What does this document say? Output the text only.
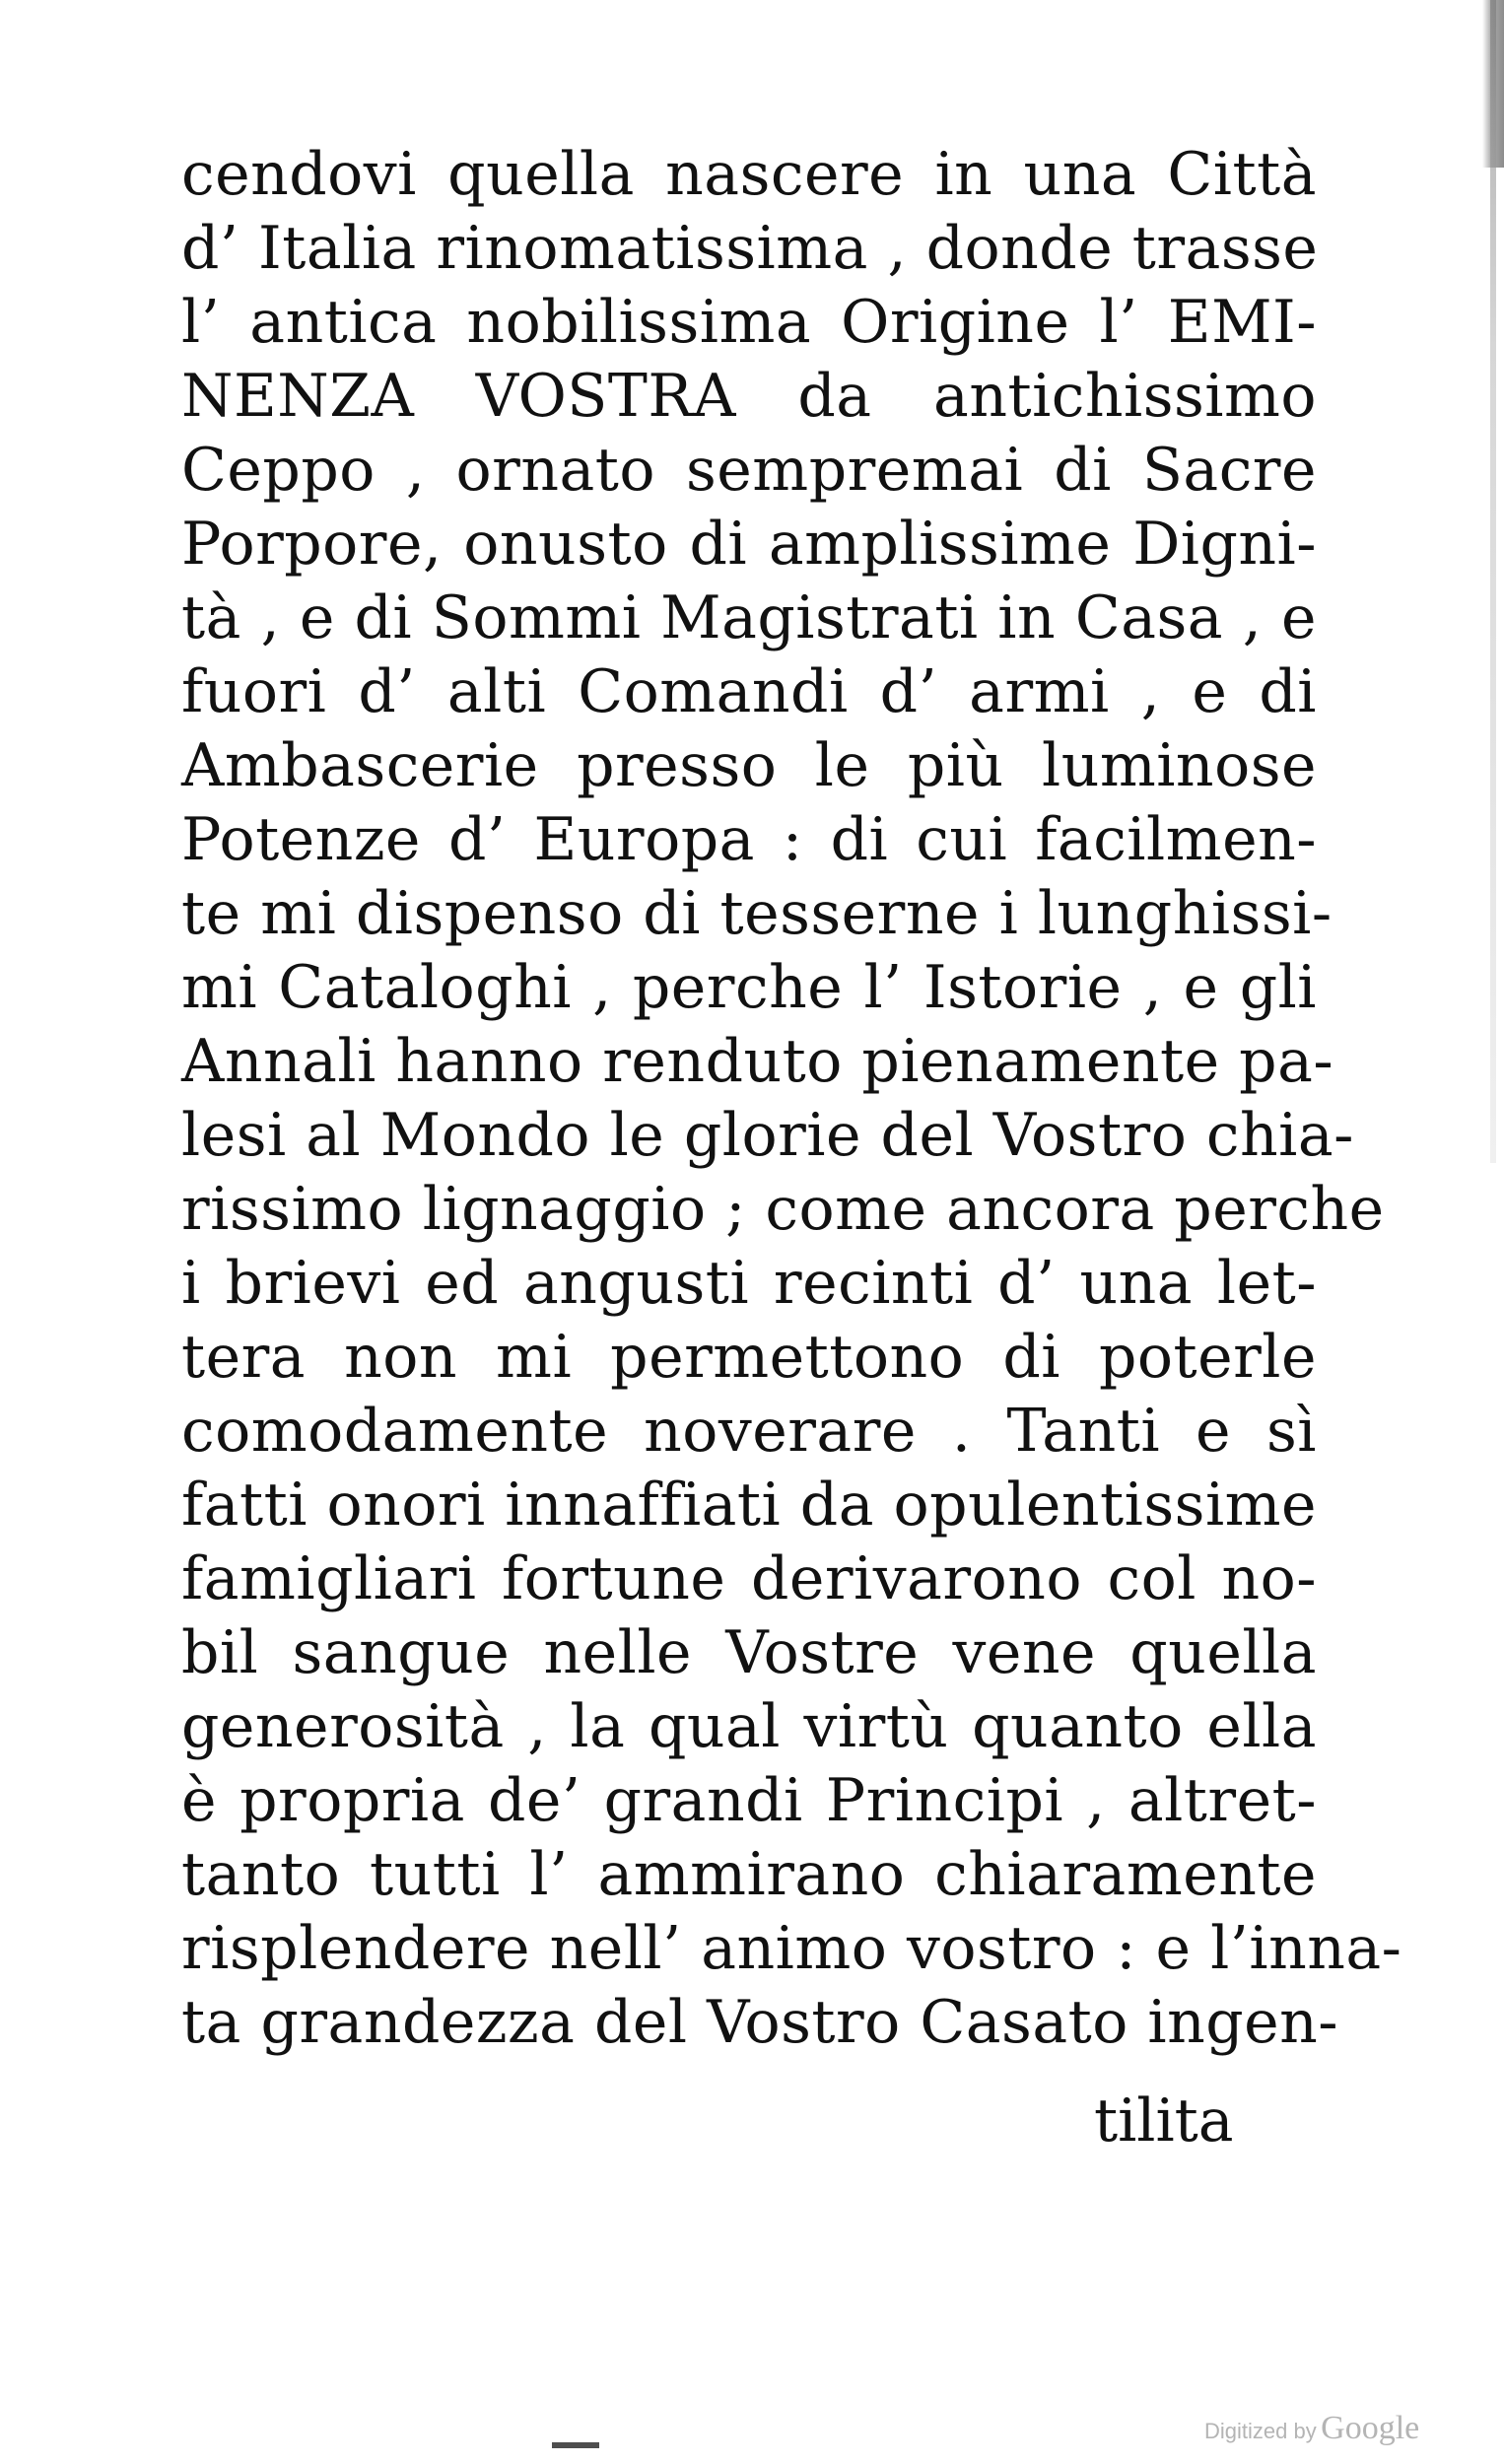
cendovi quella nascere in una Città
d’ Italia rinomatissima , donde trasse
l’ antica nobilissima Origine l’ EMI-
NENZA VOSTRA da antichissimo
Ceppo , ornato sempremai di Sacre
Porpore, onusto di amplissime Digni-
tà , e di Sommi Magistrati in Casa , e
fuori d’ alti Comandi d’ armi , e di
Ambascerie presso le più luminose
Potenze d’ Europa : di cui facilmen-
te mi dispenso di tesserne i lunghissi-
mi Cataloghi , perche l’ Istorie , e gli
Annali hanno renduto pienamente pa-
lesi al Mondo le glorie del Vostro chia-
rissimo lignaggio ; come ancora perche
i brievi ed angusti recinti d’ una let-
tera non mi permettono di poterle
comodamente noverare . Tanti e sì
fatti onori innaffiati da opulentissime
famigliari fortune derivarono col no-
bil sangue nelle Vostre vene quella
generosità , la qual virtù quanto ella
è propria de’ grandi Principi , altret-
tanto tutti l’ ammirano chiaramente
risplendere nell’ animo vostro : e l’inna-
ta grandezza del Vostro Casato ingen-
tilita
Digitized by Google
